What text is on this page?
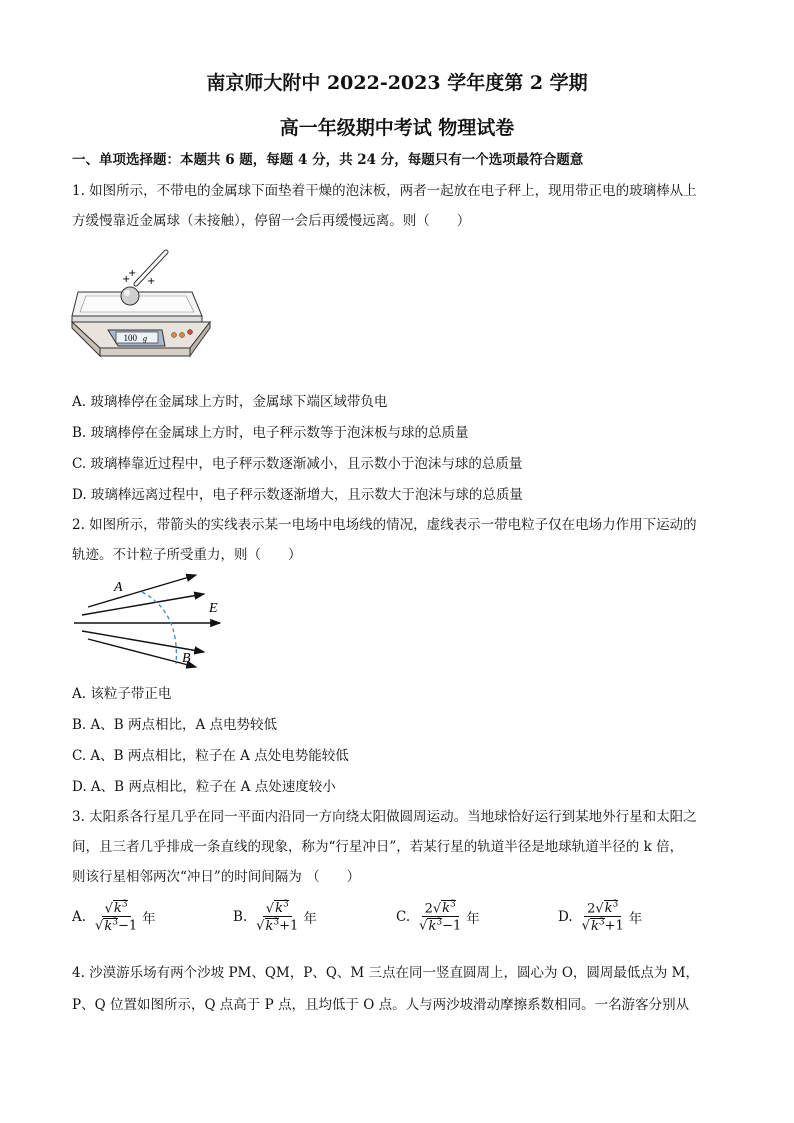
南京师大附中 2022-2023 学年度第 2 学期
高一年级期中考试 物理试卷
一、单项选择题：本题共 6 题，每题 4 分，共 24 分，每题只有一个选项最符合题意
1. 如图所示，不带电的金属球下面垫着干燥的泡沫板，两者一起放在电子秤上，现用带正电的玻璃棒从上
方缓慢靠近金属球（未接触），停留一会后再缓慢远离。则（　　）
100 g
+
+
+
A. 玻璃棒停在金属球上方时，金属球下端区域带负电
B. 玻璃棒停在金属球上方时，电子秤示数等于泡沫板与球的总质量
C. 玻璃棒靠近过程中，电子秤示数逐渐减小，且示数小于泡沫与球的总质量
D. 玻璃棒远离过程中，电子秤示数逐渐增大，且示数大于泡沫与球的总质量
2. 如图所示，带箭头的实线表示某一电场中电场线的情况，虚线表示一带电粒子仅在电场力作用下运动的
轨迹。不计粒子所受重力，则（　　）
A
E
B
A. 该粒子带正电
B. A、B 两点相比，A 点电势较低
C. A、B 两点相比，粒子在 A 点处电势能较低
D. A、B 两点相比，粒子在 A 点处速度较小
3. 太阳系各行星几乎在同一平面内沿同一方向绕太阳做圆周运动。当地球恰好运行到某地外行星和太阳之
间，且三者几乎排成一条直线的现象，称为“行星冲日”，若某行星的轨道半径是地球轨道半径的 k 倍，
则该行星相邻两次“冲日”的时间间隔为 （　　）
A. $\frac{√k^3}{√k^3-1}$ 年	B. $\frac{√k^3}{√k^3+1}$ 年	C. $\frac{2√k^3}{√k^3-1}$ 年	D. $\frac{2√k^3}{√k^3+1}$ 年
4. 沙漠游乐场有两个沙坡 PM、QM，P、Q、M 三点在同一竖直圆周上，圆心为 O，圆周最低点为 M，
P、Q 位置如图所示，Q 点高于 P 点，且均低于 O 点。人与两沙坡滑动摩擦系数相同。一名游客分别从
